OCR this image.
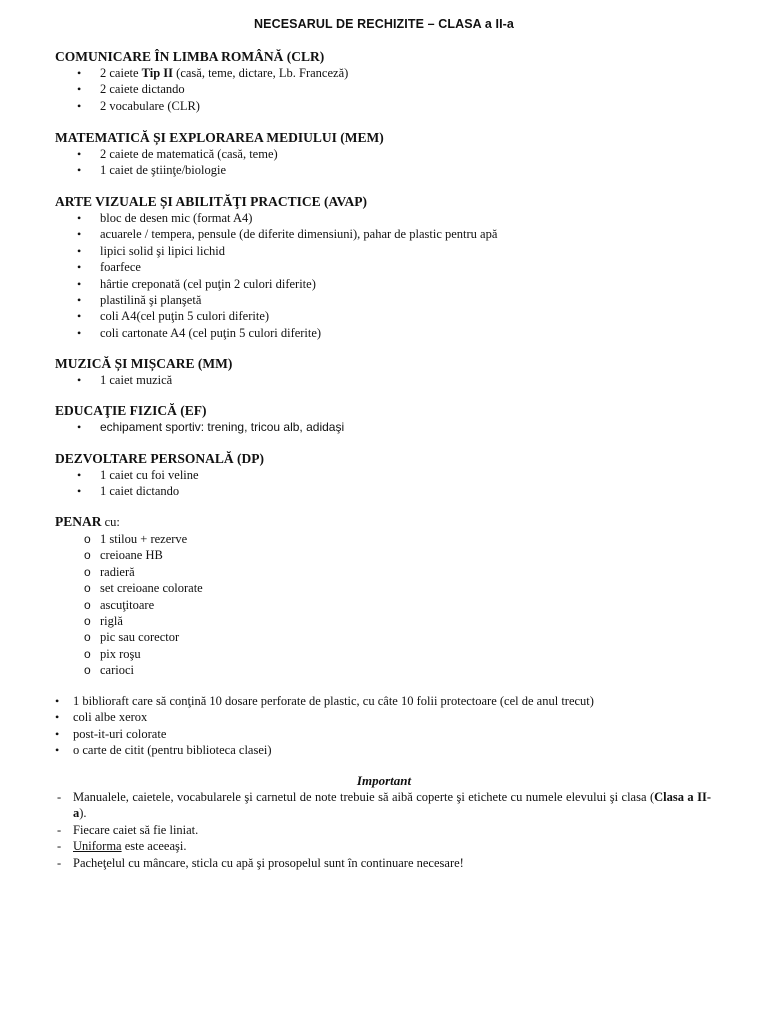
NECESARUL DE RECHIZITE – CLASA a II-a
COMUNICARE ÎN LIMBA ROMÂNĂ (CLR)
• 2 caiete Tip II (casă, teme, dictare, Lb. Franceză)
• 2 caiete dictando
• 2 vocabulare (CLR)
MATEMATICĂ ȘI EXPLORAREA MEDIULUI (MEM)
• 2 caiete de matematică (casă, teme)
• 1 caiet de ştiinţe/biologie
ARTE VIZUALE ȘI ABILITĂŢI PRACTICE (AVAP)
• bloc de desen mic (format A4)
• acuarele / tempera, pensule (de diferite dimensiuni), pahar de plastic pentru apă
• lipici solid şi lipici lichid
• foarfece
• hârtie creponată (cel puţin 2 culori diferite)
• plastilină şi planşetă
• coli A4(cel puţin 5 culori diferite)
• coli cartonate A4 (cel puţin 5 culori diferite)
MUZICĂ ȘI MIȘCARE (MM)
• 1 caiet muzică
EDUCAŢIE FIZICĂ (EF)
• echipament sportiv: trening, tricou alb, adidaşi
DEZVOLTARE PERSONALĂ (DP)
• 1 caiet cu foi veline
• 1 caiet dictando
PENAR cu:
o 1 stilou + rezerve
o creioane HB
o radieră
o set creioane colorate
o ascuţitoare
o riglă
o pic sau corector
o pix roşu
o carioci
• 1 biblioraft care să conţină 10 dosare perforate de plastic, cu câte 10 folii protectoare (cel de anul trecut)
• coli albe xerox
• post-it-uri colorate
• o carte de citit (pentru biblioteca clasei)
Important
- Manualele, caietele, vocabularele şi carnetul de note trebuie să aibă coperte şi etichete cu numele elevului şi clasa (Clasa a II-a).
- Fiecare caiet să fie liniat.
- Uniforma este aceeaşi.
- Pacheţelul cu mâncare, sticla cu apă şi prosopelul sunt în continuare necesare!
